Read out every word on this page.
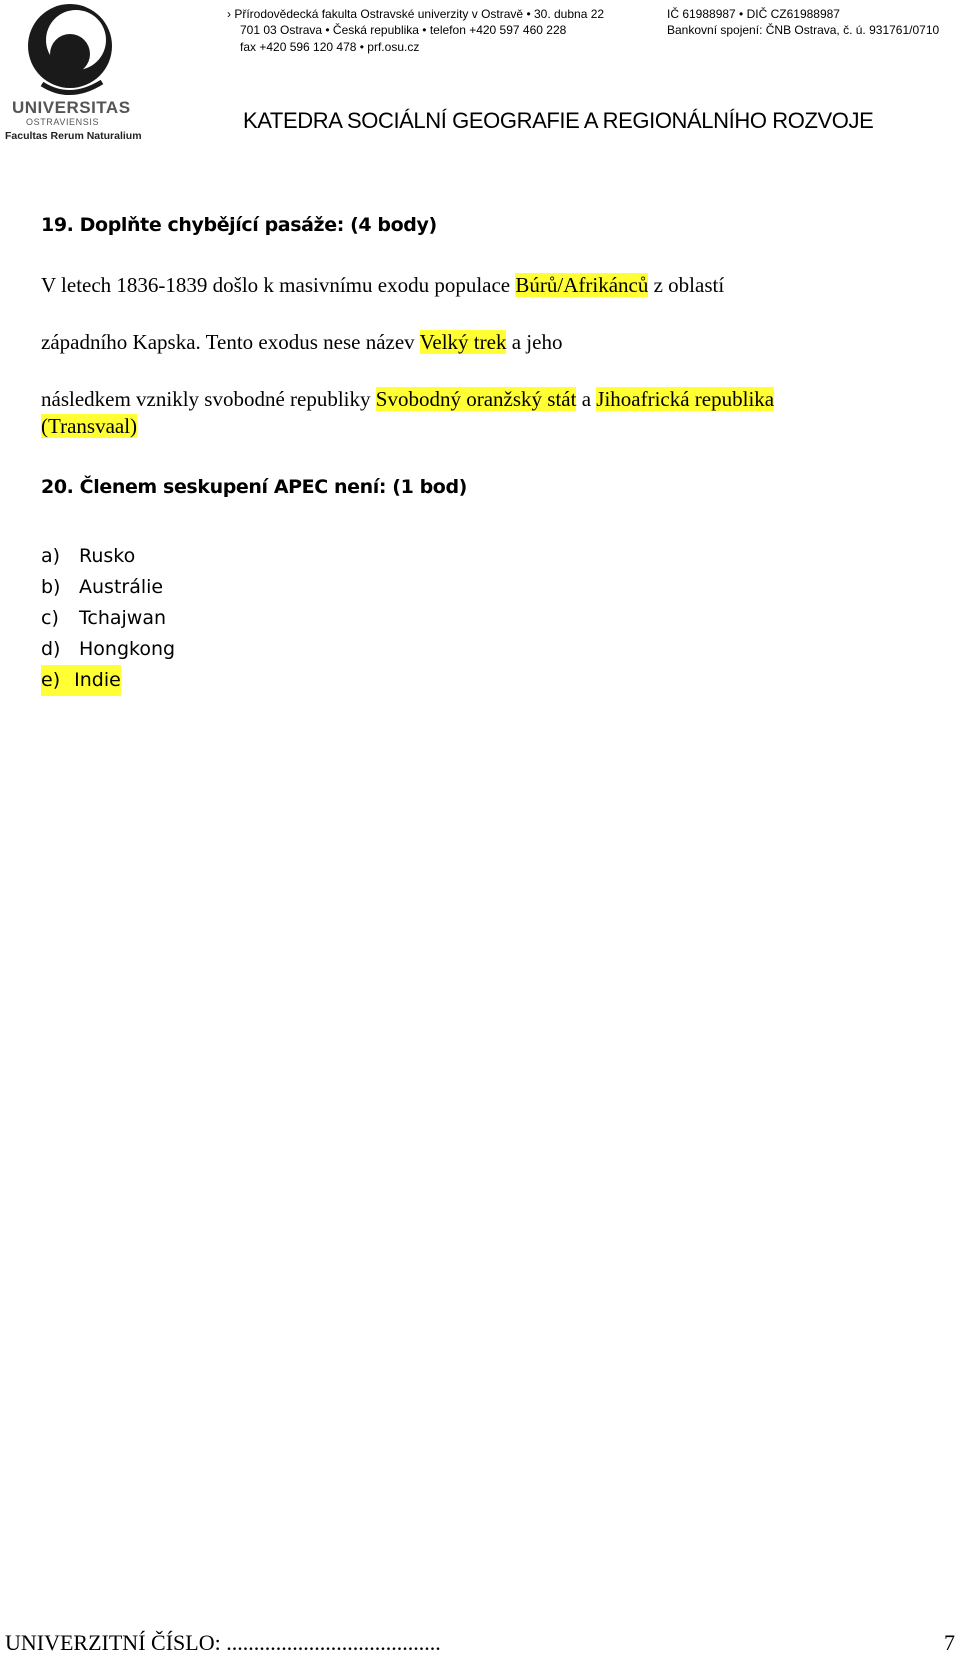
UNIVERSITAS
OSTRAVIENSIS
Facultas Rerum Naturalium
› Přírodovědecká fakulta Ostravské univerzity v Ostravě • 30. dubna 22
701 03 Ostrava • Česká republika • telefon +420 597 460 228
fax +420 596 120 478 • prf.osu.cz
IČ 61988987 • DIČ CZ61988987
Bankovní spojení: ČNB Ostrava, č. ú. 931761/0710
KATEDRA SOCIÁLNÍ GEOGRAFIE A REGIONÁLNÍHO ROZVOJE
19. Doplňte chybějící pasáže: (4 body)
V letech 1836-1839 došlo k masivnímu exodu populace Búrů/Afrikánců z oblastí
západního Kapska. Tento exodus nese název Velký trek a jeho
následkem vznikly svobodné republiky Svobodný oranžský stát a Jihoafrická republika
(Transvaal)
20. Členem seskupení APEC není: (1 bod)
a) Rusko
b) Austrálie
c)	Tchajwan
d) Hongkong
e) Indie
UNIVERZITNÍ ČÍSLO: .......................................	7
